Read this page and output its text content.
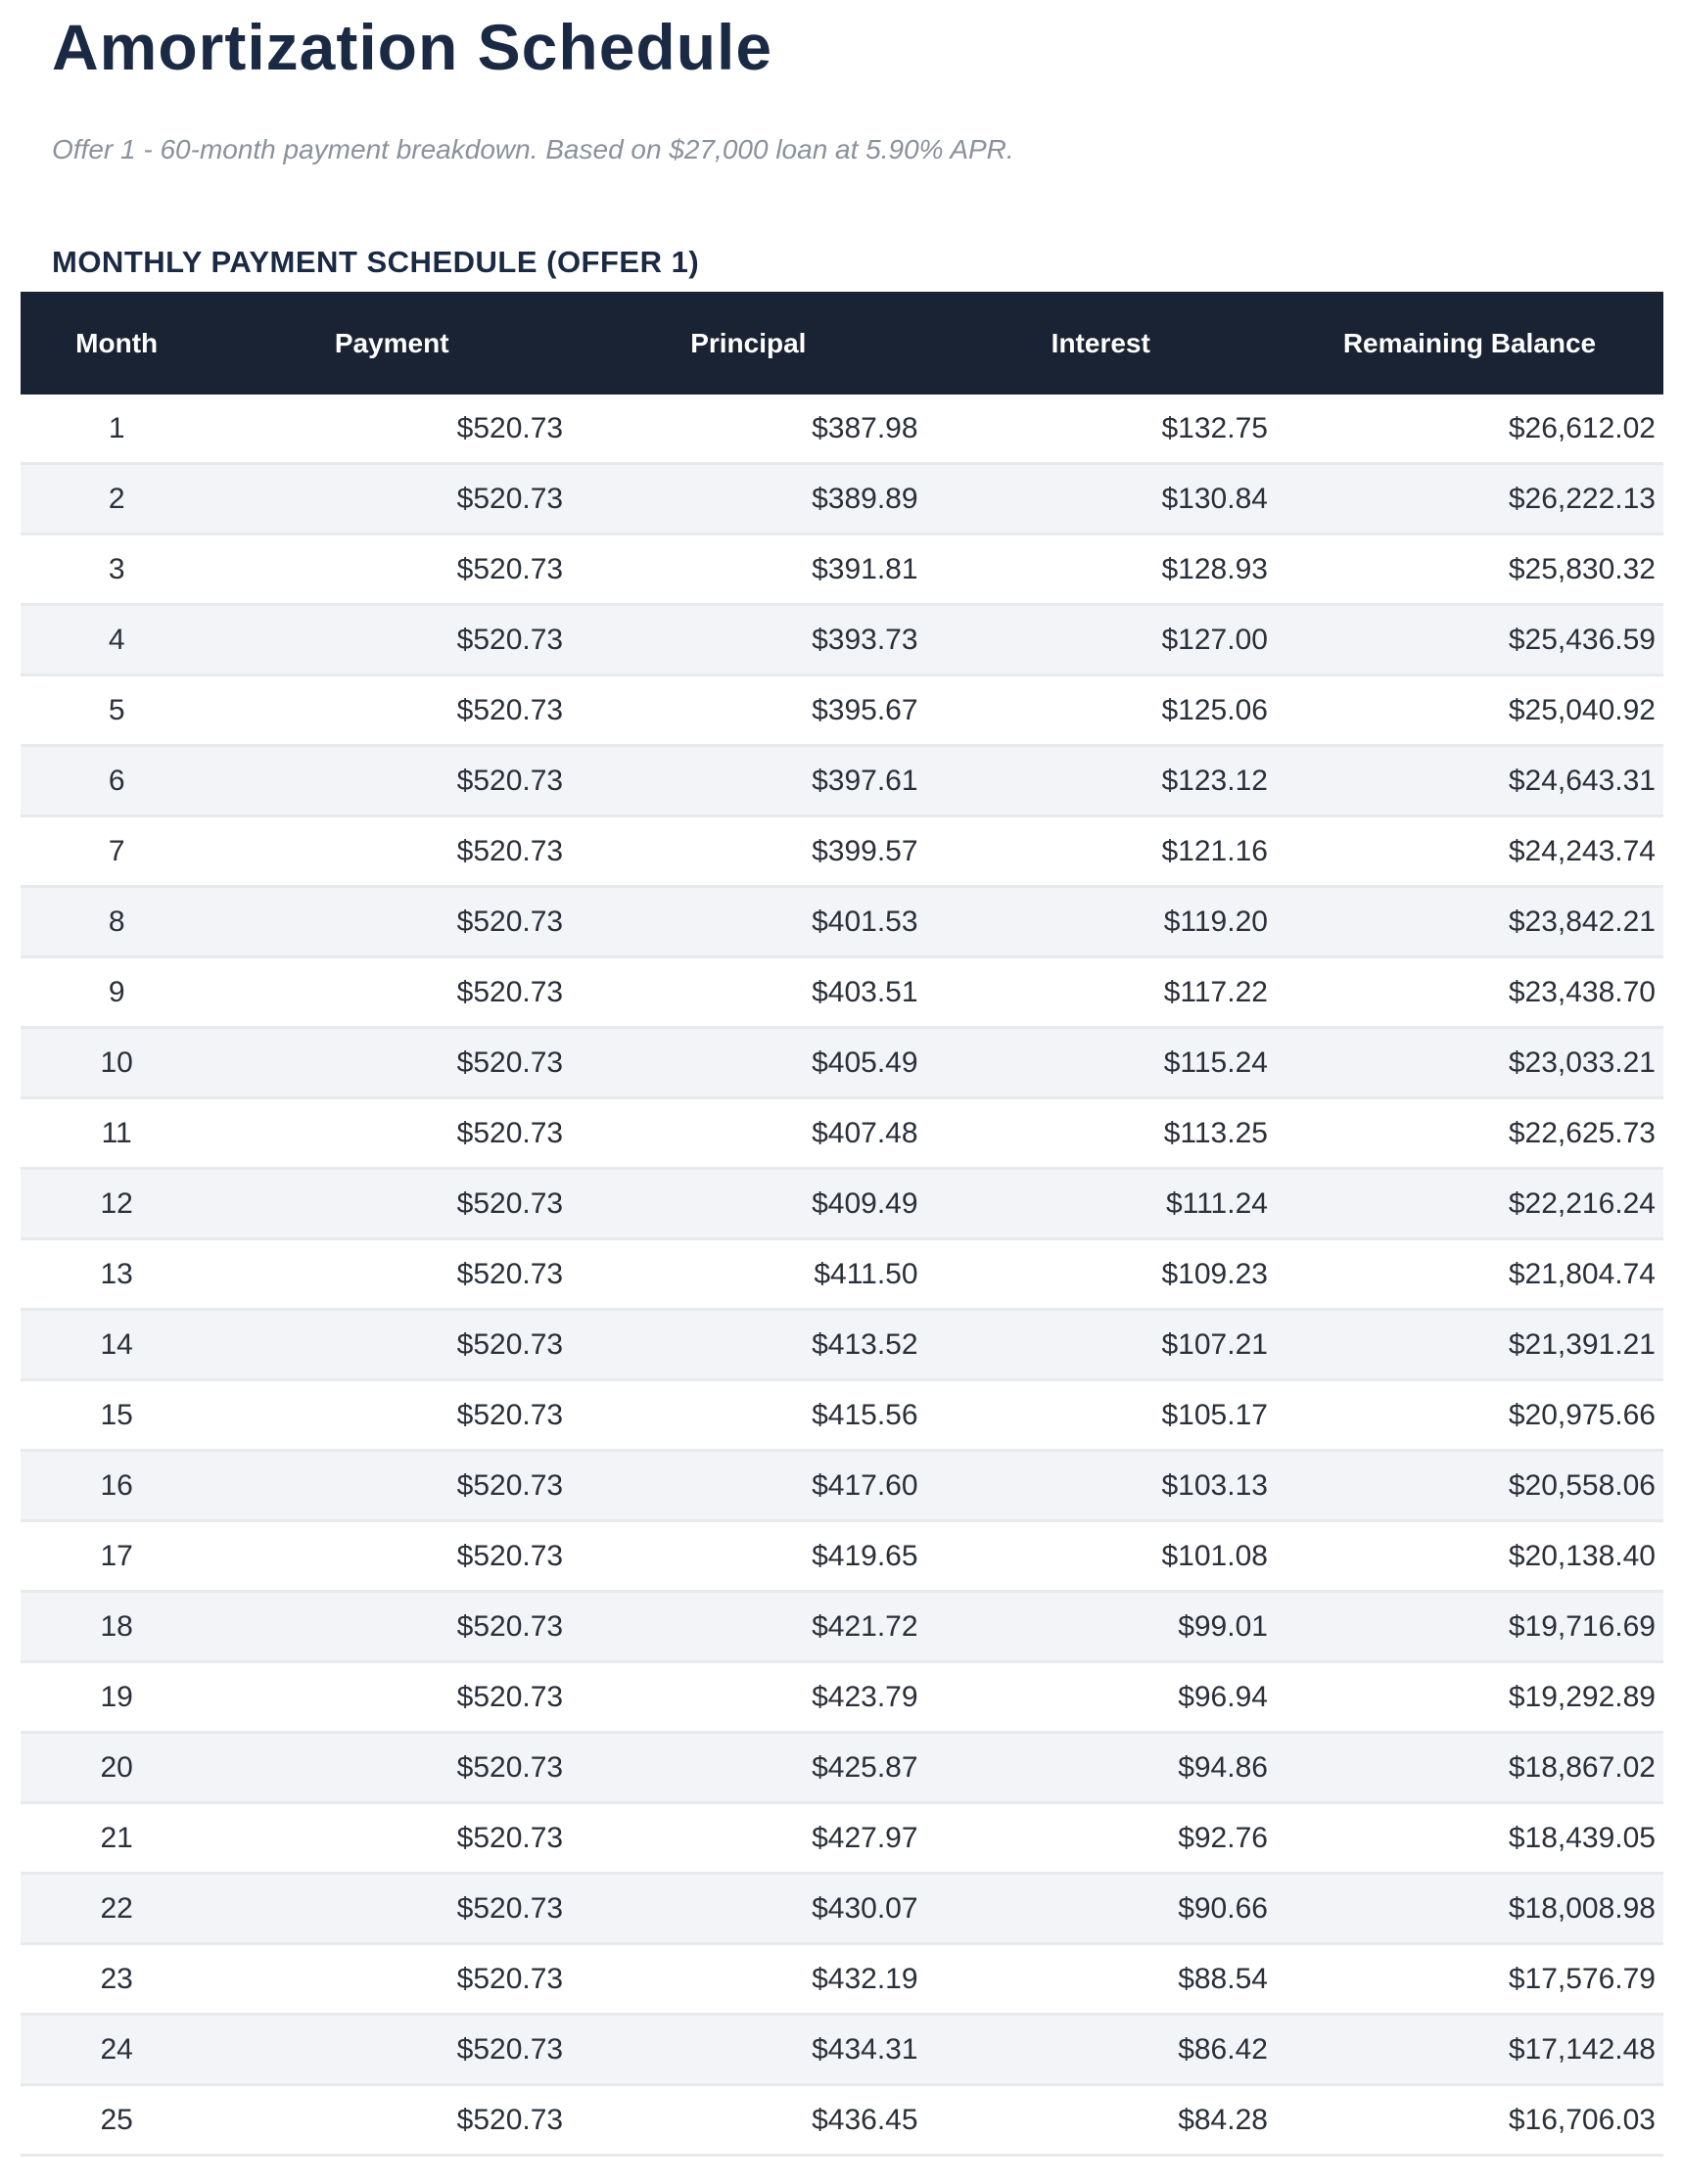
Amortization Schedule

Offer 1 - 60-month payment breakdown. Based on $27,000 loan at 5.90% APR.

MONTHLY PAYMENT SCHEDULE (OFFER 1)
Month	Payment	Principal	Interest	Remaining Balance
1	$520.73	$387.98	$132.75	$26,612.02
2	$520.73	$389.89	$130.84	$26,222.13
3	$520.73	$391.81	$128.93	$25,830.32
4	$520.73	$393.73	$127.00	$25,436.59
5	$520.73	$395.67	$125.06	$25,040.92
6	$520.73	$397.61	$123.12	$24,643.31
7	$520.73	$399.57	$121.16	$24,243.74
8	$520.73	$401.53	$119.20	$23,842.21
9	$520.73	$403.51	$117.22	$23,438.70
10	$520.73	$405.49	$115.24	$23,033.21
11	$520.73	$407.48	$113.25	$22,625.73
12	$520.73	$409.49	$111.24	$22,216.24
13	$520.73	$411.50	$109.23	$21,804.74
14	$520.73	$413.52	$107.21	$21,391.21
15	$520.73	$415.56	$105.17	$20,975.66
16	$520.73	$417.60	$103.13	$20,558.06
17	$520.73	$419.65	$101.08	$20,138.40
18	$520.73	$421.72	$99.01	$19,716.69
19	$520.73	$423.79	$96.94	$19,292.89
20	$520.73	$425.87	$94.86	$18,867.02
21	$520.73	$427.97	$92.76	$18,439.05
22	$520.73	$430.07	$90.66	$18,008.98
23	$520.73	$432.19	$88.54	$17,576.79
24	$520.73	$434.31	$86.42	$17,142.48
25	$520.73	$436.45	$84.28	$16,706.03
